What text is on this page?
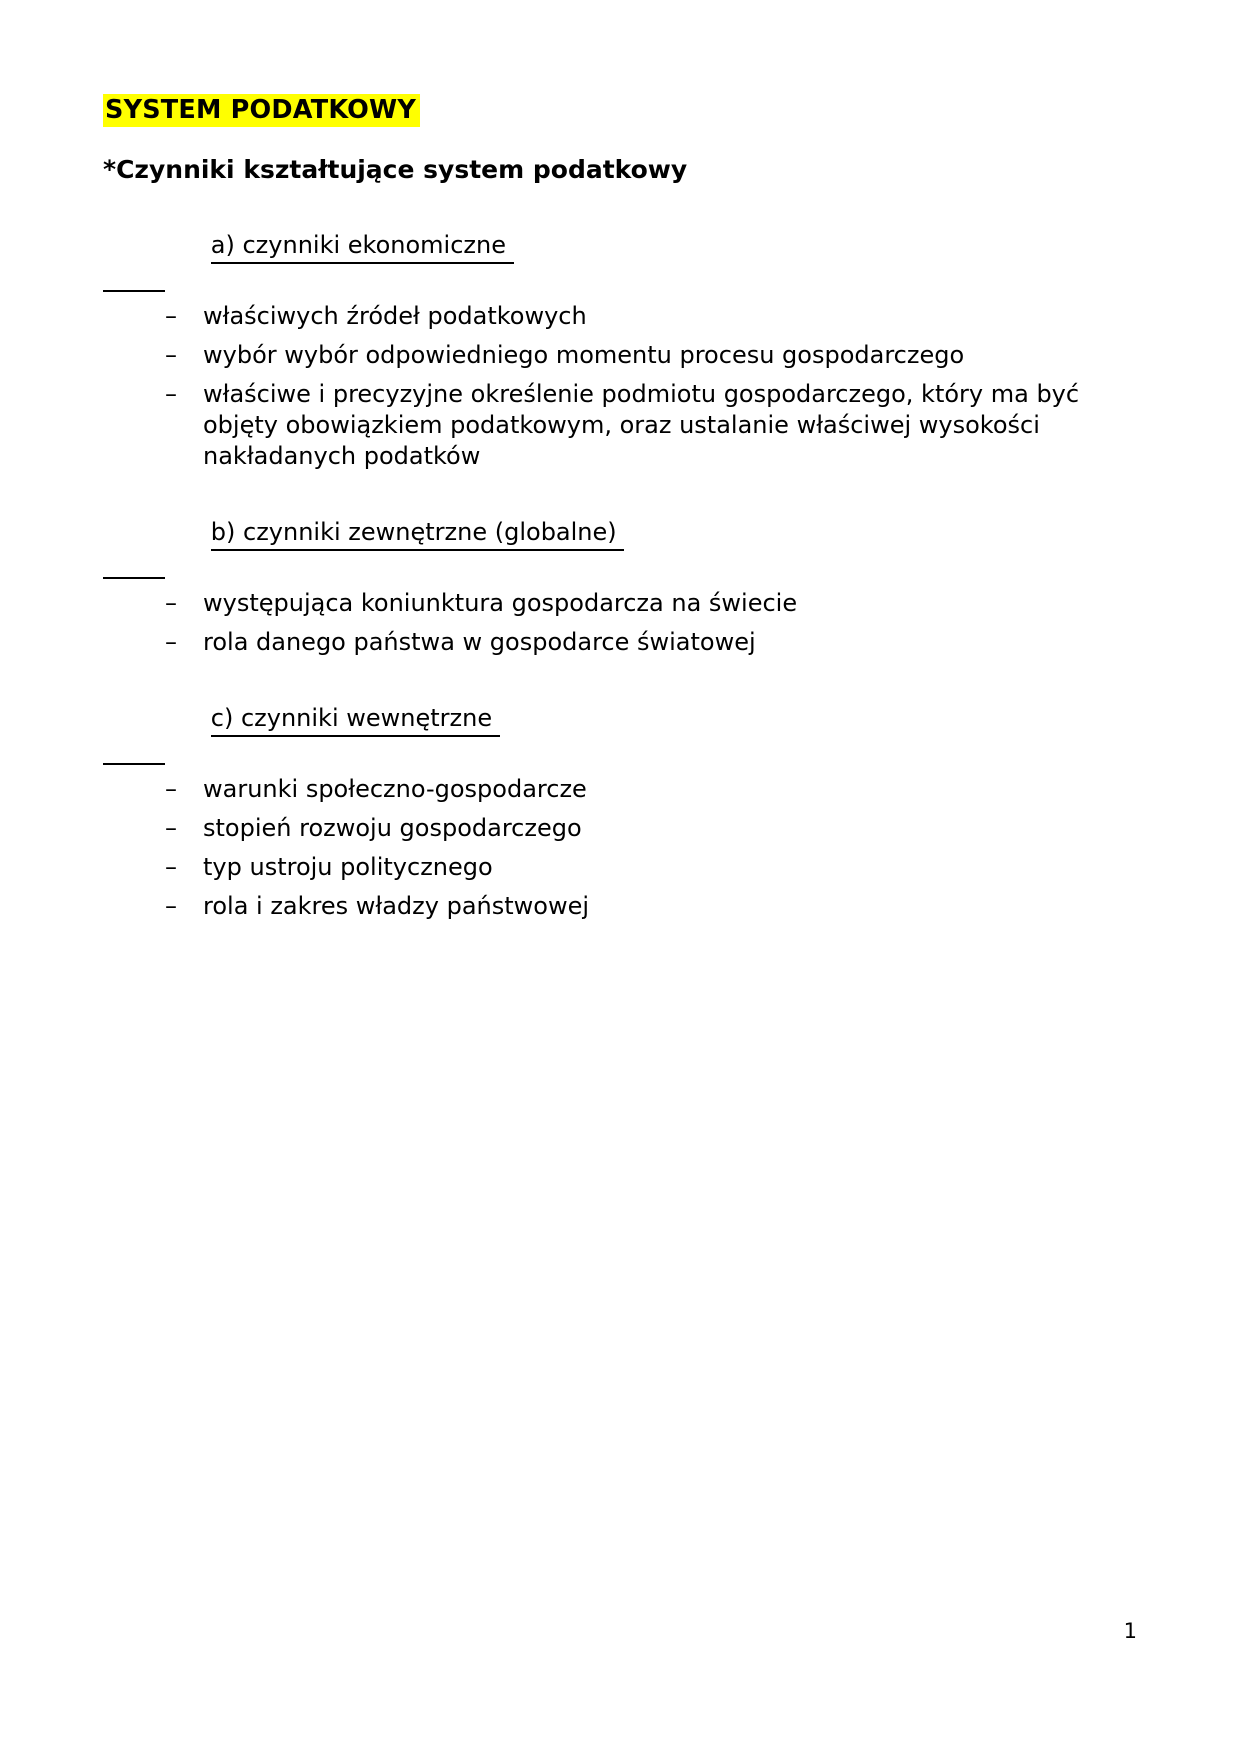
SYSTEM PODATKOWY
*Czynniki kształtujące system podatkowy

a) czynniki ekonomiczne

– właściwych źródeł podatkowych
– wybór wybór odpowiedniego momentu procesu gospodarczego
– właściwe i precyzyjne określenie podmiotu gospodarczego, który ma być objęty obowiązkiem podatkowym, oraz ustalanie właściwej wysokości nakładanych podatków

b) czynniki zewnętrzne (globalne)

– występująca koniunktura gospodarcza na świecie
– rola danego państwa w gospodarce światowej

c) czynniki wewnętrzne

– warunki społeczno-gospodarcze
– stopień rozwoju gospodarczego
– typ ustroju politycznego
– rola i zakres władzy państwowej
1
